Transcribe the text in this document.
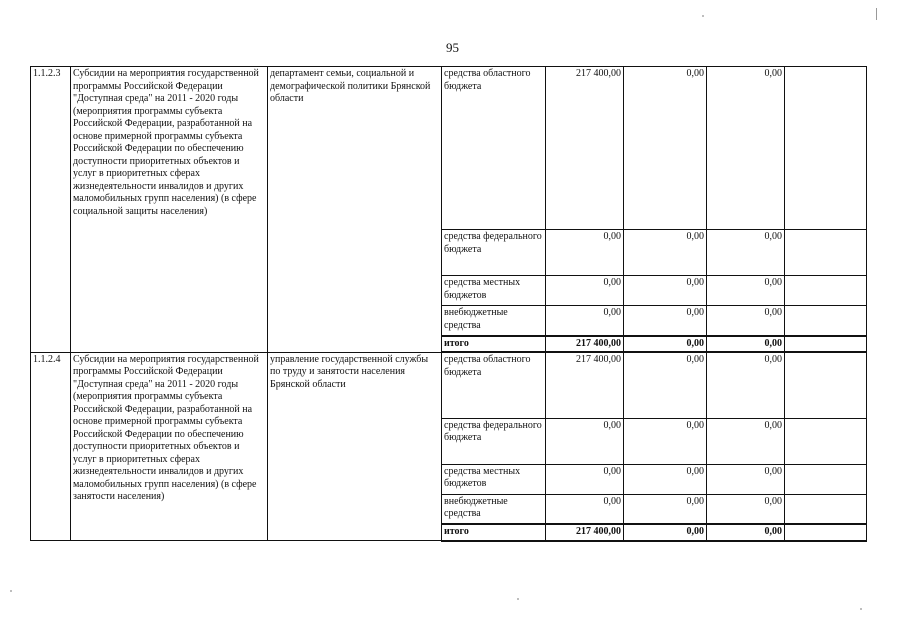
95
1.1.2.3	Субсидии на мероприятия государственной программы Российской Федерации "Доступная среда" на 2011 - 2020 годы (мероприятия программы субъекта Российской Федерации, разработанной на основе примерной программы субъекта Российской Федерации по обеспечению доступности приоритетных объектов и услуг в приоритетных сферах жизнедеятельности инвалидов и других маломобильных групп населения) (в сфере социальной защиты населения)	департамент семьи, социальной и демографической политики Брянской области	средства областного бюджета	217 400,00	0,00	0,00	
			средства федерального бюджета	0,00	0,00	0,00	
			средства местных бюджетов	0,00	0,00	0,00	
			внебюджетные средства	0,00	0,00	0,00	
			итого	217 400,00	0,00	0,00	
1.1.2.4	Субсидии на мероприятия государственной программы Российской Федерации "Доступная среда" на 2011 - 2020 годы (мероприятия программы субъекта Российской Федерации, разработанной на основе примерной программы субъекта Российской Федерации по обеспечению доступности приоритетных объектов и услуг в приоритетных сферах жизнедеятельности инвалидов и других маломобильных групп населения) (в сфере занятости населения)	управление государственной службы по труду и занятости населения Брянской области	средства областного бюджета	217 400,00	0,00	0,00	
			средства федерального бюджета	0,00	0,00	0,00	
			средства местных бюджетов	0,00	0,00	0,00	
			внебюджетные средства	0,00	0,00	0,00	
			итого	217 400,00	0,00	0,00	
